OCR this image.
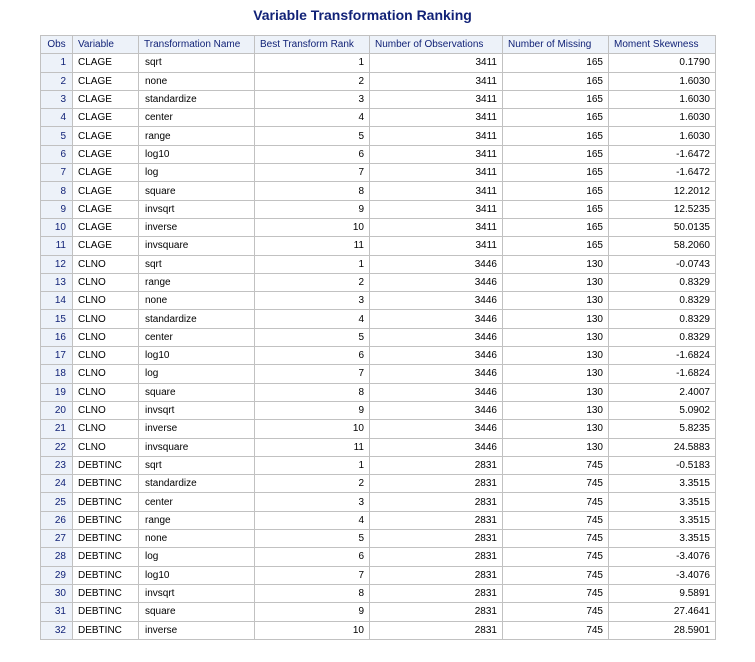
Variable Transformation Ranking
Obs	Variable	Transformation Name	Best Transform Rank	Number of Observations	Number of Missing	Moment Skewness
1	CLAGE	sqrt	1	3411	165	0.1790
2	CLAGE	none	2	3411	165	1.6030
3	CLAGE	standardize	3	3411	165	1.6030
4	CLAGE	center	4	3411	165	1.6030
5	CLAGE	range	5	3411	165	1.6030
6	CLAGE	log10	6	3411	165	-1.6472
7	CLAGE	log	7	3411	165	-1.6472
8	CLAGE	square	8	3411	165	12.2012
9	CLAGE	invsqrt	9	3411	165	12.5235
10	CLAGE	inverse	10	3411	165	50.0135
11	CLAGE	invsquare	11	3411	165	58.2060
12	CLNO	sqrt	1	3446	130	-0.0743
13	CLNO	range	2	3446	130	0.8329
14	CLNO	none	3	3446	130	0.8329
15	CLNO	standardize	4	3446	130	0.8329
16	CLNO	center	5	3446	130	0.8329
17	CLNO	log10	6	3446	130	-1.6824
18	CLNO	log	7	3446	130	-1.6824
19	CLNO	square	8	3446	130	2.4007
20	CLNO	invsqrt	9	3446	130	5.0902
21	CLNO	inverse	10	3446	130	5.8235
22	CLNO	invsquare	11	3446	130	24.5883
23	DEBTINC	sqrt	1	2831	745	-0.5183
24	DEBTINC	standardize	2	2831	745	3.3515
25	DEBTINC	center	3	2831	745	3.3515
26	DEBTINC	range	4	2831	745	3.3515
27	DEBTINC	none	5	2831	745	3.3515
28	DEBTINC	log	6	2831	745	-3.4076
29	DEBTINC	log10	7	2831	745	-3.4076
30	DEBTINC	invsqrt	8	2831	745	9.5891
31	DEBTINC	square	9	2831	745	27.4641
32	DEBTINC	inverse	10	2831	745	28.5901
